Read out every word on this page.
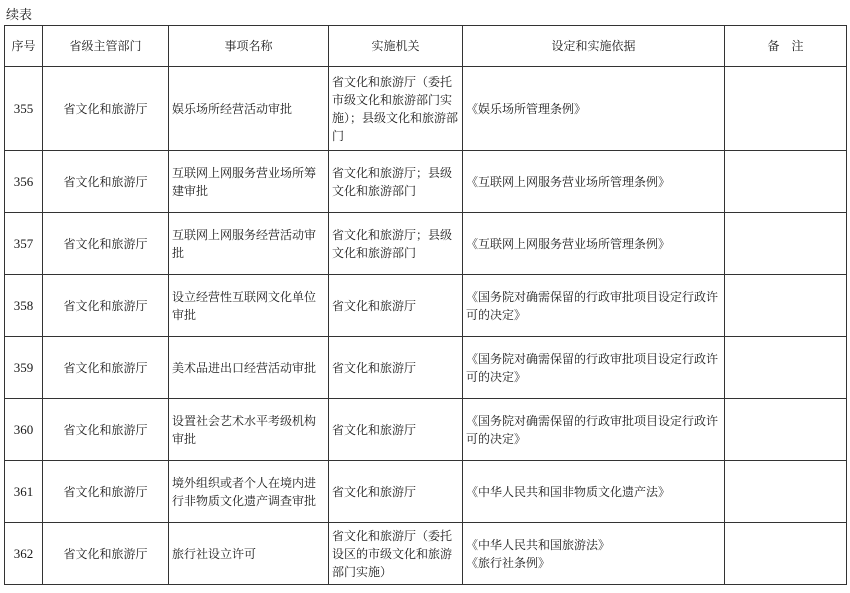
续表
序号	省级主管部门	事项名称	实施机关	设定和实施依据	备　注
355	省文化和旅游厅	娱乐场所经营活动审批	省文化和旅游厅（委托市级文化和旅游部门实施）；县级文化和旅游部门	《娱乐场所管理条例》	

356	省文化和旅游厅	互联网上网服务营业场所筹建审批	省文化和旅游厅；县级文化和旅游部门	《互联网上网服务营业场所管理条例》	

357	省文化和旅游厅	互联网上网服务经营活动审批	省文化和旅游厅；县级文化和旅游部门	《互联网上网服务营业场所管理条例》	

358	省文化和旅游厅	设立经营性互联网文化单位审批	省文化和旅游厅	《国务院对确需保留的行政审批项目设定行政许可的决定》	

359	省文化和旅游厅	美术品进出口经营活动审批	省文化和旅游厅	《国务院对确需保留的行政审批项目设定行政许可的决定》	

360	省文化和旅游厅	设置社会艺术水平考级机构审批	省文化和旅游厅	《国务院对确需保留的行政审批项目设定行政许可的决定》	

361	省文化和旅游厅	境外组织或者个人在境内进行非物质文化遗产调查审批	省文化和旅游厅	《中华人民共和国非物质文化遗产法》	

362	省文化和旅游厅	旅行社设立许可	省文化和旅游厅（委托设区的市级文化和旅游部门实施）	《中华人民共和国旅游法》
《旅行社条例》	
